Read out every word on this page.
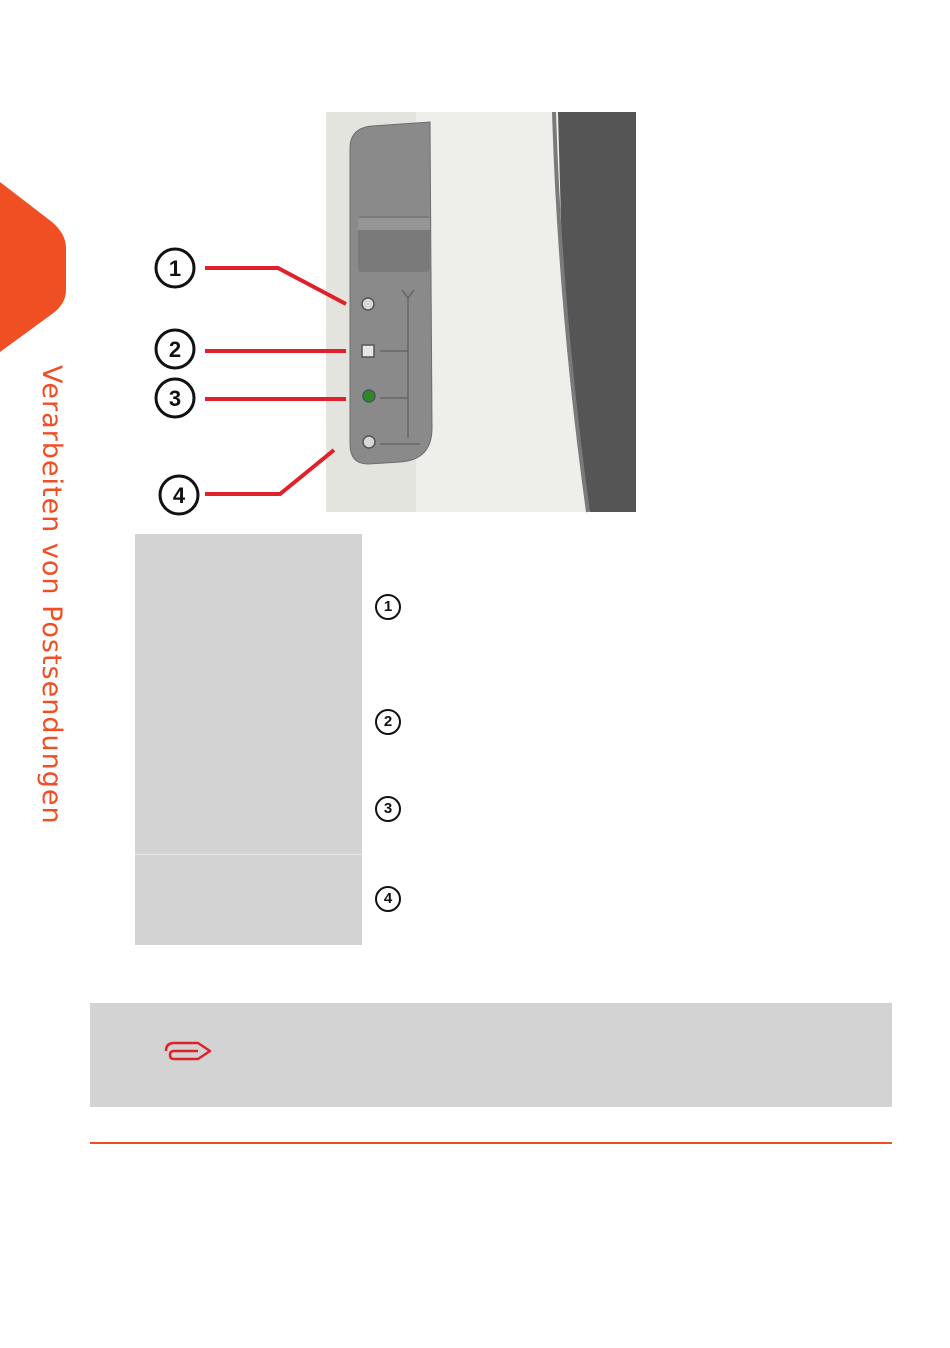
Verarbeiten von Postsendungen
1
2
3
4
1
2
3
4
